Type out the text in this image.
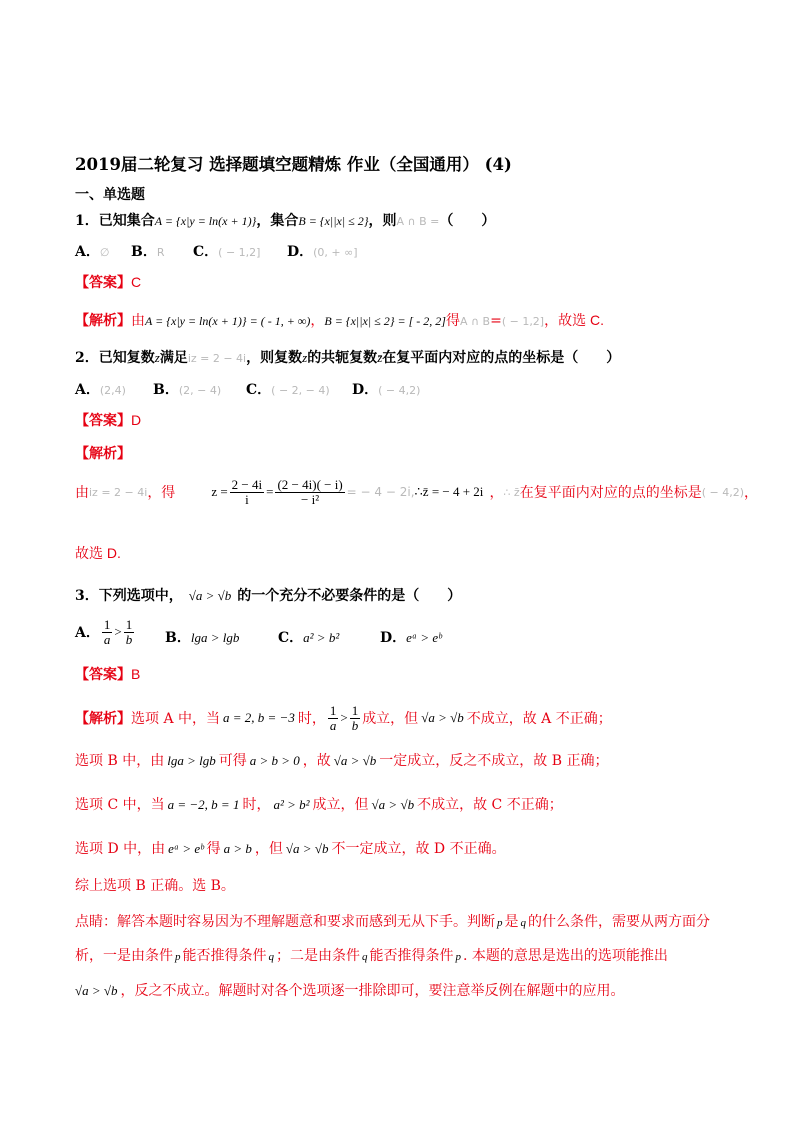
2019届二轮复习 选择题填空题精炼 作业（全国通用） (4)
一、单选题
1．已知集合A = {x|y = ln(x + 1)}，集合B = {x||x| ≤ 2}，则A ∩ B =（　　）
A．∅ B．R C．( − 1,2] D．(0, + ∞]
【答案】C
【解析】由A = {x|y = ln(x + 1)} = ( - 1, + ∞)，B = {x||x| ≤ 2} = [ - 2, 2]得A ∩ B=( − 1,2]，故选 C.
2．已知复数z满足iz = 2 − 4i，则复数z的共轭复数z̄在复平面内对应的点的坐标是（　　）
A．(2,4) B．(2, − 4) C．( − 2, − 4) D．( − 4,2)
【答案】D
【解析】
由 iz = 2 − 4i ，得	$z = \frac{2 - 4i}{i} = \frac{(2 - 4i)( - i)}{\text{− i²}}$ = − 4 − 2i, ∴ z̄ = − 4 + 2i ， ∴ z̄ 在复平面内对应的点的坐标是 ( − 4,2) ，
故选 D.
3．下列选项中， √a > √b 的一个充分不必要条件的是（　　）
A． $\frac{1}{a} > \frac{1}{b}$ B．lga > lgb	C．a² > b²	D．eᵃ > eᵇ
【答案】B
【解析】 选项 A 中，当 a = 2, b = −3 时， $\frac{1}{a} > \frac{1}{b}$ 成立，但 √a > √b 不成立，故 A 不正确；
选项 B 中，由 lga > lgb 可得 a > b > 0 ，故 √a > √b 一定成立，反之不成立，故 B 正确；
选项 C 中，当 a = −2, b = 1 时， a² > b² 成立，但 √a > √b 不成立，故 C 不正确；
选项 D 中，由 eᵃ > eᵇ 得 a > b ，但 √a > √b 不一定成立，故 D 不正确。
综上选项 B 正确。选 B。
点睛：解答本题时容易因为不理解题意和要求而感到无从下手。判断 p 是 q 的什么条件，需要从两方面分
析，一是由条件 p 能否推得条件 q ；二是由条件 q 能否推得条件 p . 本题的意思是选出的选项能推出
√a > √b ，反之不成立。解题时对各个选项逐一排除即可，要注意举反例在解题中的应用。
